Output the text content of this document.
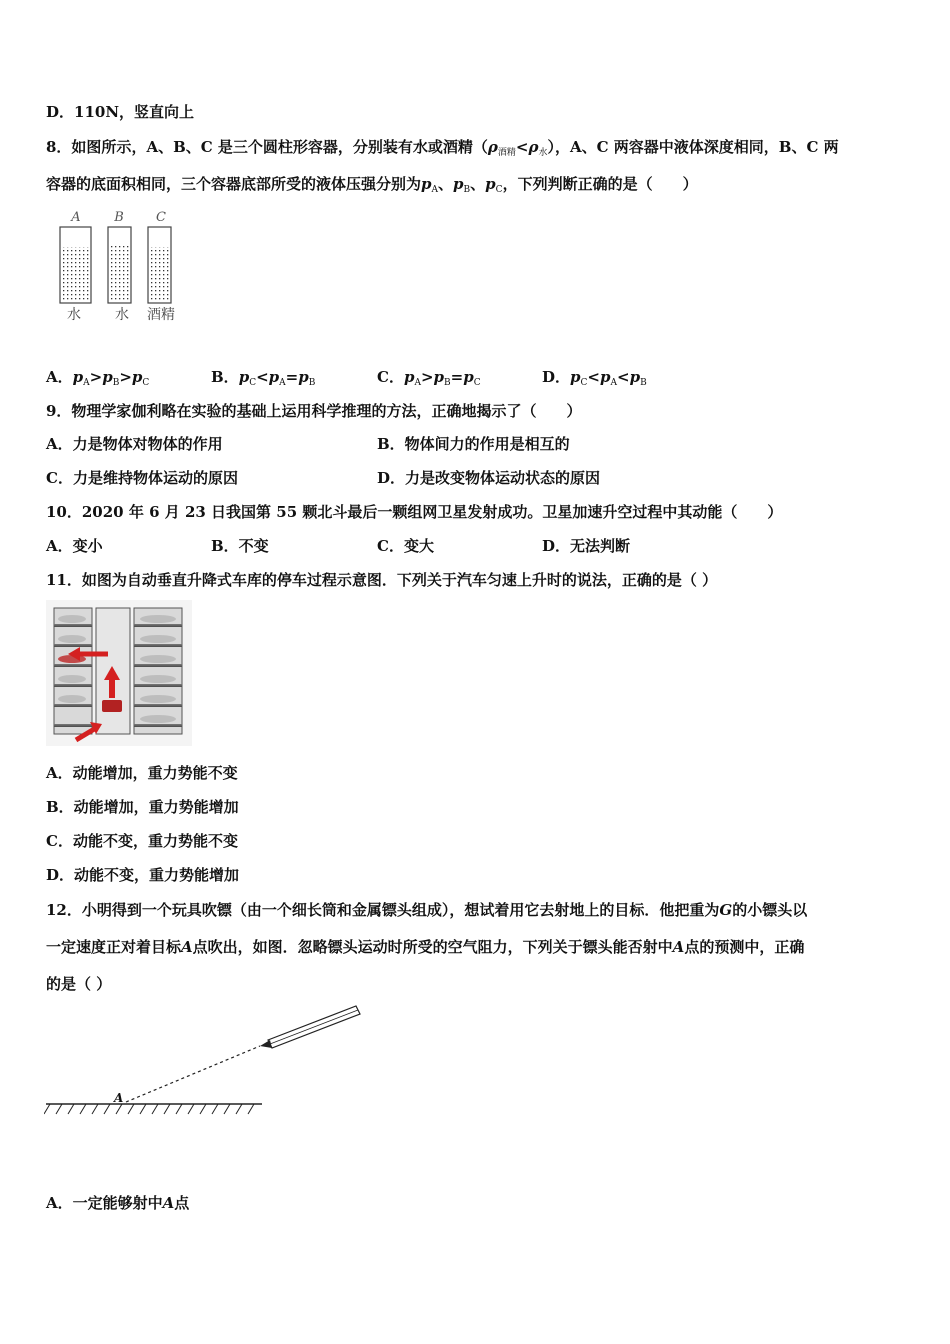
D．110N，竖直向上
8．如图所示，A、B、C 是三个圆柱形容器，分别装有水或酒精$(\rho_{酒精}<\rho_水)$，A、C 两容器中液体深度相同，B、C 两
容器的底面积相同，三个容器底部所受的液体压强分别为$p_A$、$p_B$、$p_C$，下列判断正确的是（　　）
A
水
B
水
C
酒精
A．$p_A>p_B>p_C$	B．$p_C<p_A=p_B$	C．$p_A>p_B=p_C$	D．$p_C<p_A<p_B$
9．物理学家伽利略在实验的基础上运用科学推理的方法，正确地揭示了（　　）
A．力是物体对物体的作用	B．物体间力的作用是相互的
C．力是维持物体运动的原因	D．力是改变物体运动状态的原因
10．2020 年 6 月 23 日我国第 55 颗北斗最后一颗组网卫星发射成功。卫星加速升空过程中其动能（　　）
A．变小	B．不变	C．变大	D．无法判断
11．如图为自动垂直升降式车库的停车过程示意图．下列关于汽车匀速上升时的说法，正确的是（ ）
A．动能增加，重力势能不变
B．动能增加，重力势能增加
C．动能不变，重力势能不变
D．动能不变，重力势能增加
12．小明得到一个玩具吹镖（由一个细长筒和金属镖头组成），想试着用它去射地上的目标．他把重为G的小镖头以
一定速度正对着目标A点吹出，如图．忽略镖头运动时所受的空气阻力，下列关于镖头能否射中A点的预测中，正确
的是（ ）
A
A．一定能够射中A点
